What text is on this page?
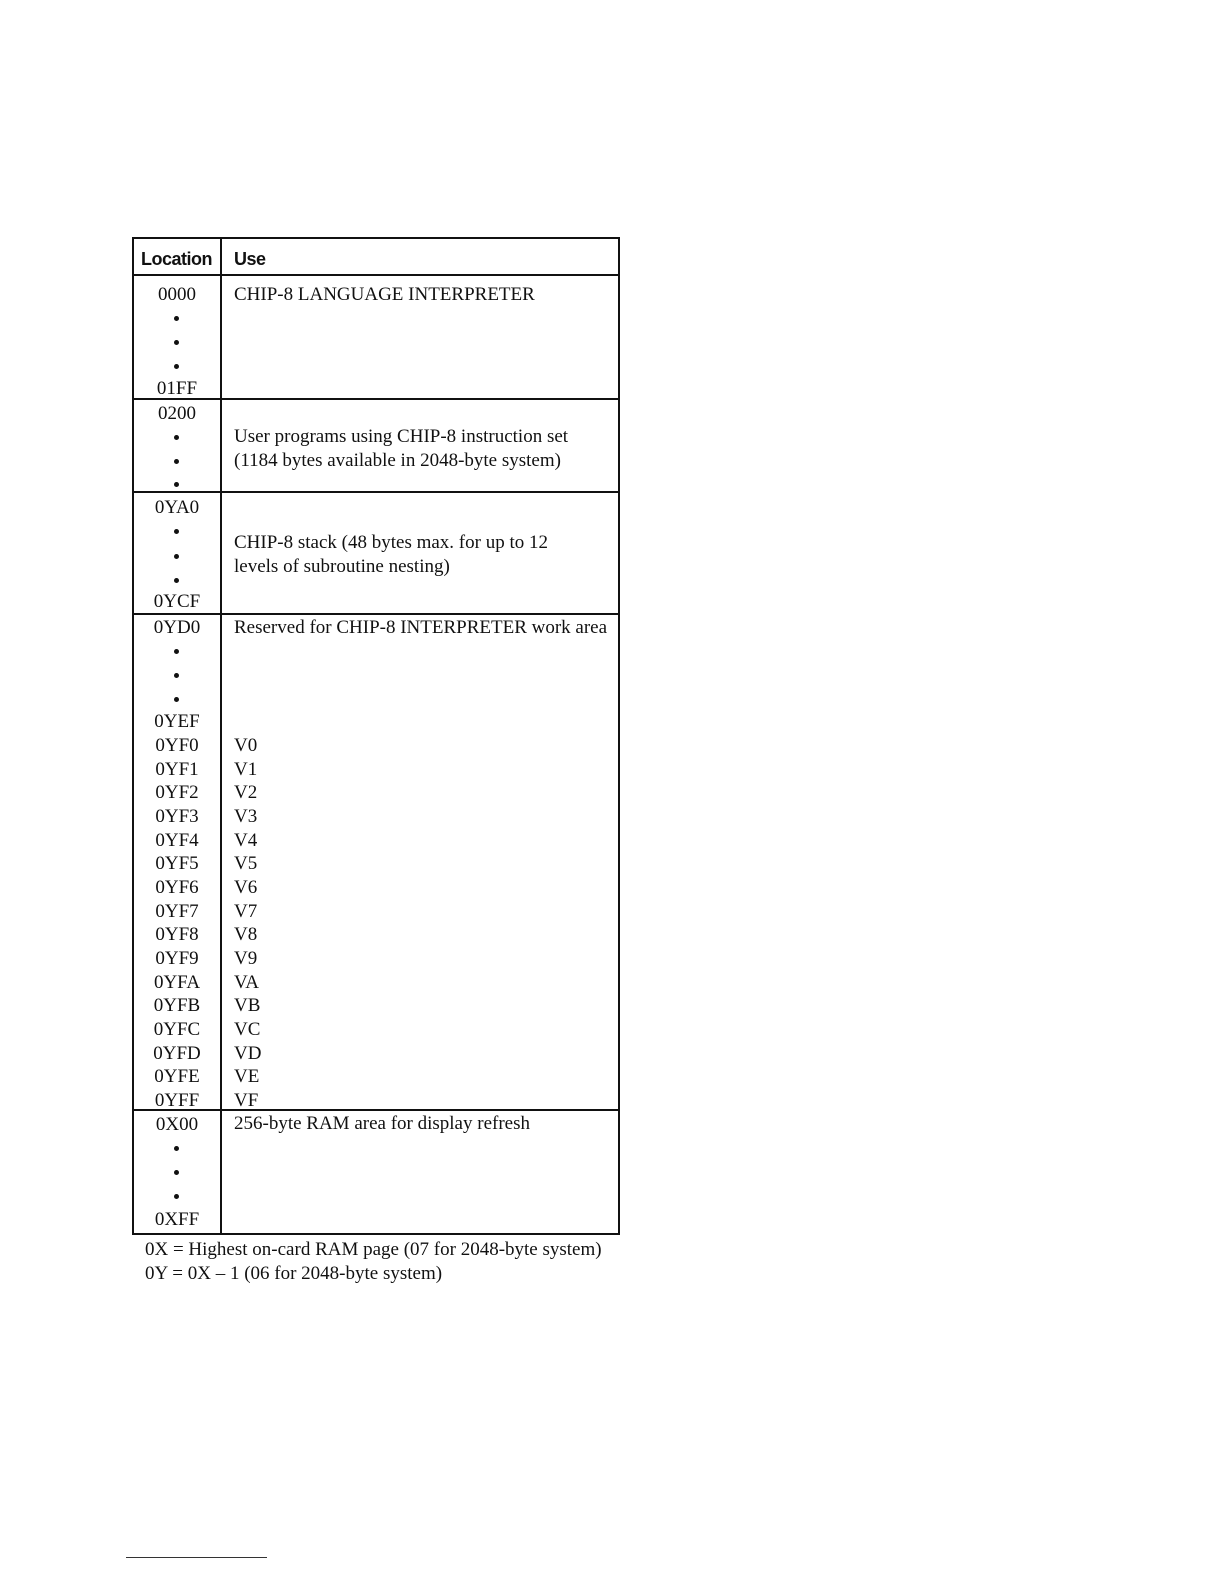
Location Use
0000
01FF
CHIP-8 LANGUAGE INTERPRETER
0200
User programs using CHIP-8 instruction set
(1184 bytes available in 2048-byte system)
0YA0
0YCF
CHIP-8 stack (48 bytes max. for up to 12
levels of subroutine nesting)
0YD0
0YEF
0YF0
0YF1
0YF2
0YF3
0YF4
0YF5
0YF6
0YF7
0YF8
0YF9
0YFA
0YFB
0YFC
0YFD
0YFE
0YFF
Reserved for CHIP-8 INTERPRETER work area
V0
V1
V2
V3
V4
V5
V6
V7
V8
V9
VA
VB
VC
VD
VE
VF
0X00
0XFF
256-byte RAM area for display refresh
0X = Highest on-card RAM page (07 for 2048-byte system)
0Y = 0X – 1 (06 for 2048-byte system)
